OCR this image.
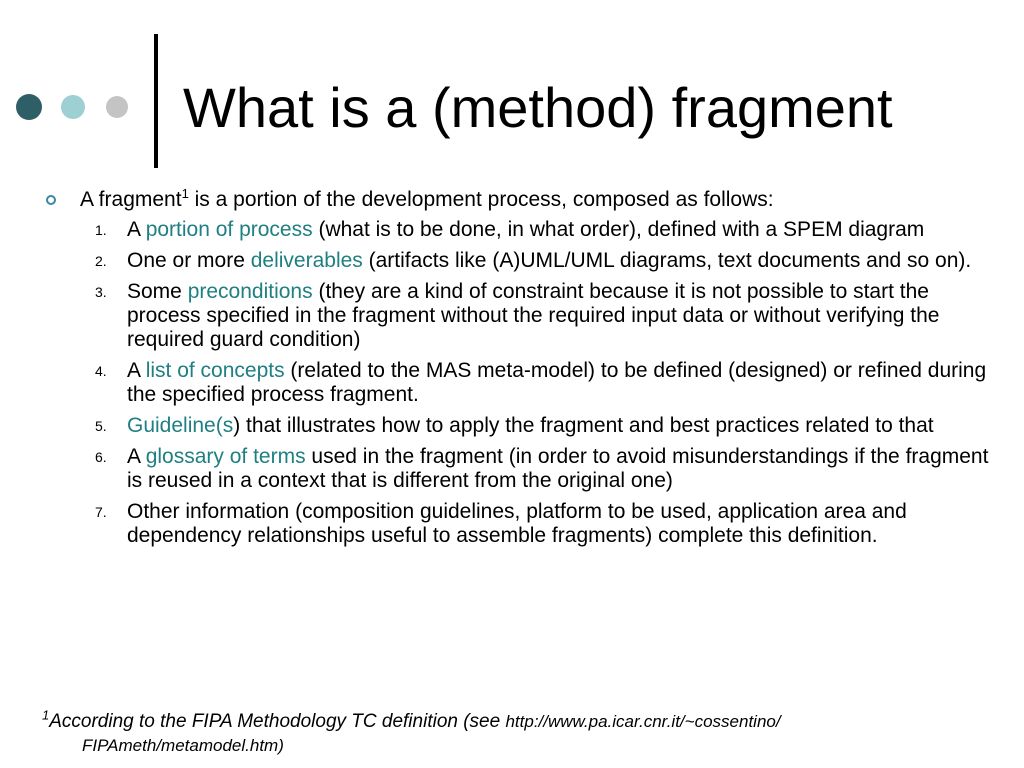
What is a (method) fragment
A fragment$^1$ is a portion of the development process, composed as follows:
1. A portion of process (what is to be done, in what order), defined with a SPEM diagram
2. One or more deliverables (artifacts like (A)UML/UML diagrams, text documents and so on).
3. Some preconditions (they are a kind of constraint because it is not possible to start the process specified in the fragment without the required input data or without verifying the required guard condition)
4. A list of concepts (related to the MAS meta-model) to be defined (designed) or refined during the specified process fragment.
5. Guideline(s) that illustrates how to apply the fragment and best practices related to that
6. A glossary of terms used in the fragment (in order to avoid misunderstandings if the fragment is reused in a context that is different from the original one)
7. Other information (composition guidelines, platform to be used, application area and dependency relationships useful to assemble fragments) complete this definition.
$^1$According to the FIPA Methodology TC definition (see http://www.pa.icar.cnr.it/~cossentino/
FIPAmeth/metamodel.htm)
